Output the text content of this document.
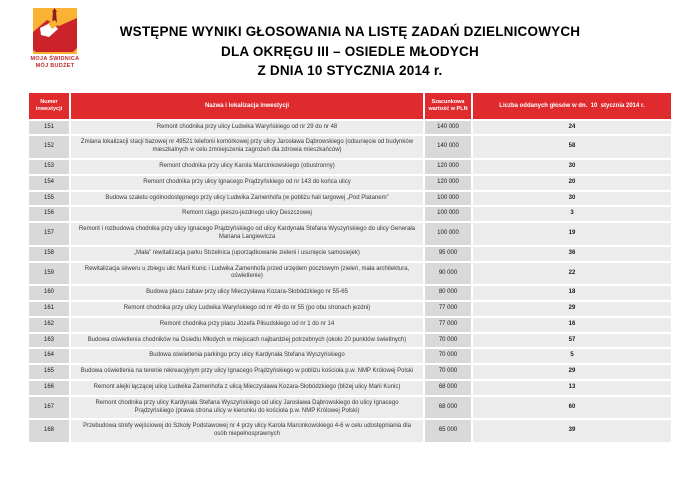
MOJA ŚWIDNICA
MÓJ BUDŻET
WSTĘPNE WYNIKI GŁOSOWANIA NA LISTĘ ZADAŃ DZIELNICOWYCH
DLA OKRĘGU III – OSIEDLE MŁODYCH
Z DNIA 10 STYCZNIA 2014 r.
Numer inwestycji	Nazwa i lokalizacja inwestycji	Szacunkowa wartość w PLN	Liczba oddanych głosów w dn.  10  stycznia 2014 r.
151	Remont chodnika przy ulicy Ludwika Waryńskiego od nr 29 do nr 48	140 000	24
152	Zmiana lokalizacji stacji bazowej nr 49521 telefonii komórkowej przy ulicy Jarosława Dąbrowskiego (odsunięcie od budynków mieszkalnych w celu zmniejszenia zagrożeń dla zdrowia mieszkańców)	140 000	58
153	Remont chodnika przy ulicy Karola Marcinkowskiego (obustronny)	120 000	30
154	Remont chodnika przy ulicy Ignacego Prądzyńskiego od nr 143 do końca ulicy	120 000	20
155	Budowa szaletu ogólnodostępnego przy ulicy Ludwika Zamenhofa (w pobliżu hali targowej „Pod Platanem”	100 000	30
156	Remont ciągu pieszo-jezdnego ulicy Deszczowej	100 000	3
157	Remont i rozbudowa chodnika przy ulicy Ignacego Prądzyńskiego od ulicy Kardynała Stefana Wyszyńskiego do ulicy Generała Mariana Langiewicza	100 000	19
158	„Mała” rewitalizacja parku Strzelnica (uporządkowanie zieleni i usunięcie samosiejek)	95 000	36
159	Rewitalizacja skweru u zbiegu ulic Marii Kunic i Ludwika Zamenhofa przed urzędem pocztowym (zieleń, mała architektura, oświetlenie)	90 000	22
160	Budowa placu zabaw przy ulicy Mieczysława Kozara-Słobódzkiego nr 55-65	80 000	18
161	Remont chodnika przy ulicy Ludwika Waryńskiego od nr 49 do nr 55 (po obu stronach jezdni)	77 000	29
162	Remont chodnika przy placu Józefa Piłsudskiego od nr 1 do nr 14	77 000	16
163	Budowa oświetlenia chodników na Osiedlu Młodych w miejscach najbardziej potrzebnych (około 20 punktów świetlnych)	70 000	57
164	Budowa oświetlenia parkingu przy ulicy Kardynała Stefana Wyszyńskiego	70 000	5
165	Budowa oświetlenia na terenie rekreacyjnym przy ulicy Ignacego Prądzyńskiego w pobliżu kościoła p.w. NMP Królowej Polski	70 000	29
166	Remont alejki łączącej ulicę Ludwika Zamenhofa z ulicą Mieczysława Kozara-Słobódzkiego (bliżej ulicy Marii Kunic)	68 000	13
167	Remont chodnika przy ulicy Kardynała Stefana Wyszyńskiego od ulicy Jarosława Dąbrowskiego do ulicy Ignacego Prądzyńskiego (prawa strona ulicy w kierunku do kościoła p.w. NMP Królowej Polski)	68 000	60
168	Przebudowa strefy wejściowej do Szkoły Podstawowej nr 4 przy ulicy Karola Marcinkowskiego 4-6 w celu udostępniania dla osób niepełnosprawnych	65 000	39
